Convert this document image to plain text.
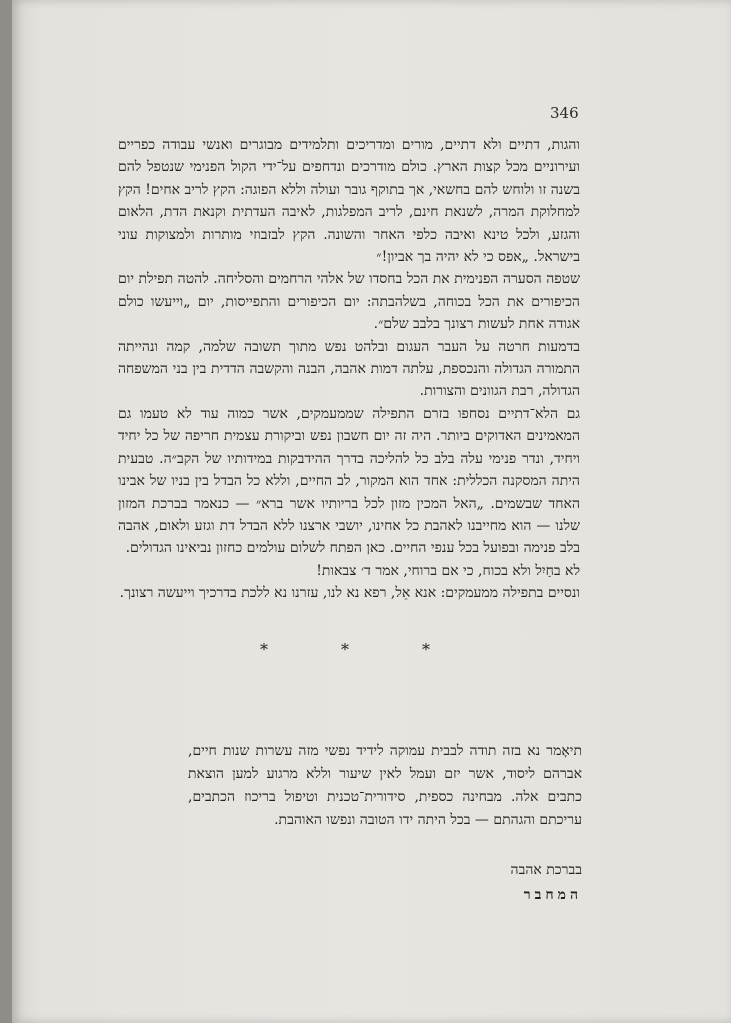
346

והגות, דתיים ולא דתיים, מורים ומדריכים ותלמידים מבוגרים ואנשי עבודה כפריים ועירוניים מכל קצות הארץ. כולם מודרכים ונדחפים על־ידי הקול הפנימי שנטפל להם בשנה זו ולוחש להם בחשאי, אך בתוקף גובר ועולה וללא הפוגה: הקץ לריב אחים! הקץ למחלוקת המרה, לשנאת חינם, לריב המפלגות, לאיבה העדתית וקנאת הדת, הלאום והגזע, ולכל טינא ואיבה כלפי האחר והשונה. הקץ לבזבוזי מותרות ולמצוקות עוני בישראל. „אפס כי לא יהיה בך אביון!״

שטפה הסערה הפנימית את הכל בחסדו של אלהי הרחמים והסליחה. להטה תפילת יום הכיפורים את הכל בכוחה, בשלהבתה: יום הכיפורים והתפייסות, יום „וייעשו כולם אגודה אחת לעשות רצונך בלבב שלם״.

בדמעות חרטה על העבר העגום ובלהט נפש מתוך תשובה שלמה, קמה ונהייתה התמורה הגדולה והנכספת, עלתה דמות אהבה, הבנה והקשבה הדדית בין בני המשפחה הגדולה, רבת הגוונים והצורות.

גם הלא־דתיים נסחפו בזרם התפילה שממעמקים, אשר כמוה עוד לא טעמו גם המאמינים האדוקים ביותר. היה זה יום חשבון נפש וביקורת עצמית חריפה של כל יחיד ויחיד, ונדר פנימי עלה בלב כל להליכה בדרך ההידבקות במידותיו של הקב״ה. טבעית היתה המסקנה הכללית: אחד הוא המקור, לב החיים, וללא כל הבדל בין בניו של אבינו האחד שבשמים. „האל המכין מזון לכל בריותיו אשר ברא״ — כנאמר בברכת המזון שלנו — הוא מחייבנו לאהבת כל אחינו, יושבי ארצנו ללא הבדל דת וגזע ולאום, אהבה בלב פנימה ובפועל בכל ענפי החיים. כאן הפתח לשלום עולמים כחזון נביאינו הגדולים.

לא בחַיִל ולא בכוח, כי אם ברוחי, אמר ד׳ צבאות!

ונסיים בתפילה ממעמקים: אנא אֵל, רפא נא לנו, עזרנו נא ללכת בדרכיך וייעשה רצונך.

*	*	*

תיאָמר נא בזה תודה לבבית עמוקה לידיד נפשי מזה עשרות שנות חיים, אברהם ליסוד, אשר יזם ועמל לאין שיעור וללא מרגוע למען הוצאת כתבים אלה. מבחינה כספית, סידורית־טכנית וטיפול בריכוז הכתבים, עריכתם והגהתם — בכל היתה ידו הטובה ונפשו האוהבת.

בברכת אהבה
המחבר
